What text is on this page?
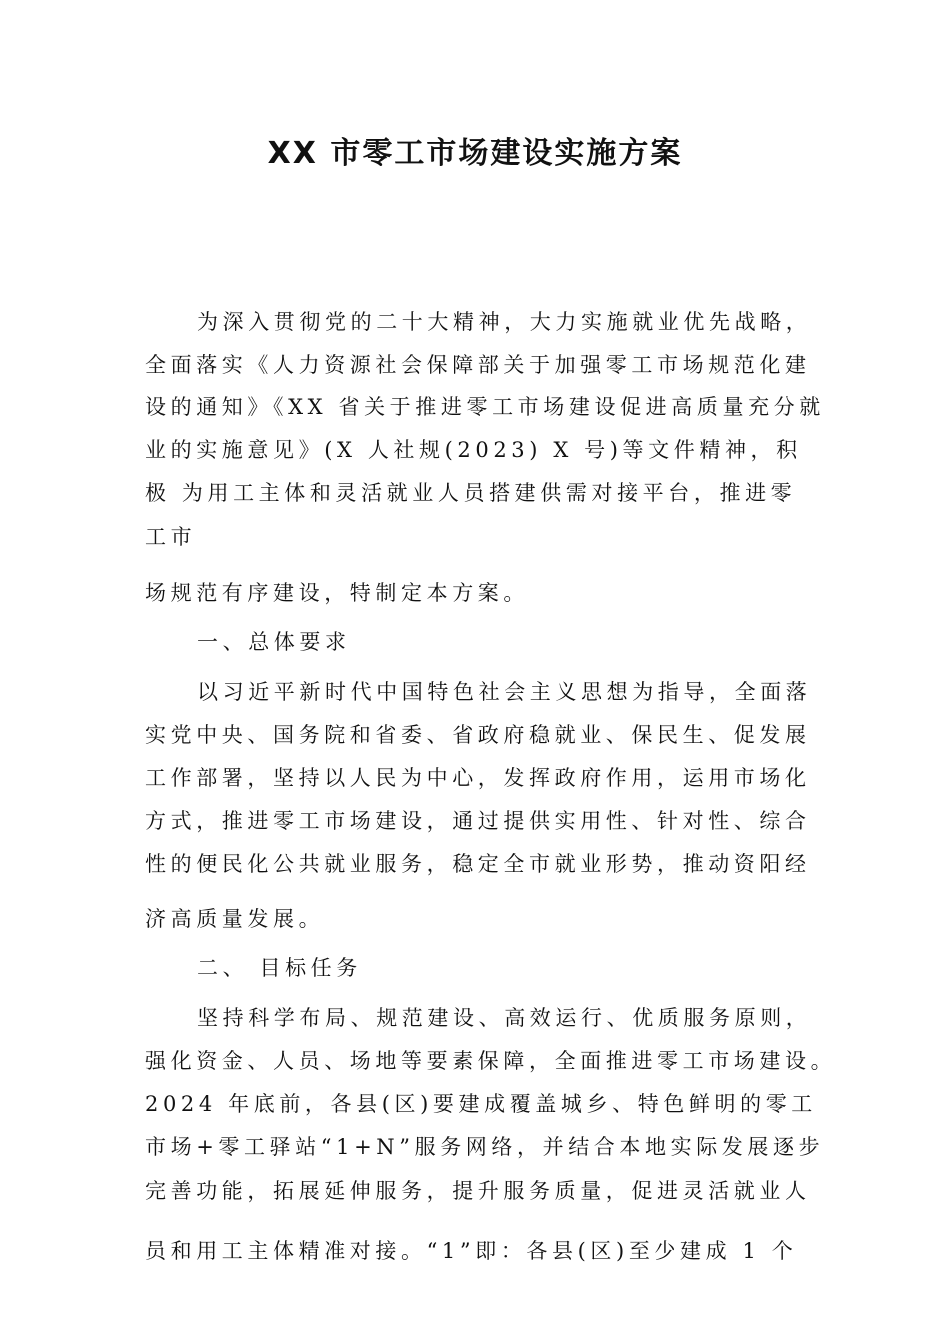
XX 市零工市场建设实施方案
为深入贯彻党的二十大精神，大力实施就业优先战略，
全面落实《人力资源社会保障部关于加强零工市场规范化建
设的通知》《XX 省关于推进零工市场建设促进高质量充分就
业的实施意见》(X 人社规(2023) X 号)等文件精神，积
极 为用工主体和灵活就业人员搭建供需对接平台，推进零
工市
场规范有序建设，特制定本方案。
一、总体要求
以习近平新时代中国特色社会主义思想为指导，全面落
实党中央、国务院和省委、省政府稳就业、保民生、促发展
工作部署，坚持以人民为中心，发挥政府作用，运用市场化
方式，推进零工市场建设，通过提供实用性、针对性、综合
性的便民化公共就业服务，稳定全市就业形势，推动资阳经
济高质量发展。
二、 目标任务
坚持科学布局、规范建设、高效运行、优质服务原则，
强化资金、人员、场地等要素保障，全面推进零工市场建设。
2024 年底前，各县(区)要建成覆盖城乡、特色鲜明的零工
市场+零工驿站“1+N”服务网络，并结合本地实际发展逐步
完善功能，拓展延伸服务，提升服务质量，促进灵活就业人
员和用工主体精准对接。“1”即：各县(区)至少建成 1 个
